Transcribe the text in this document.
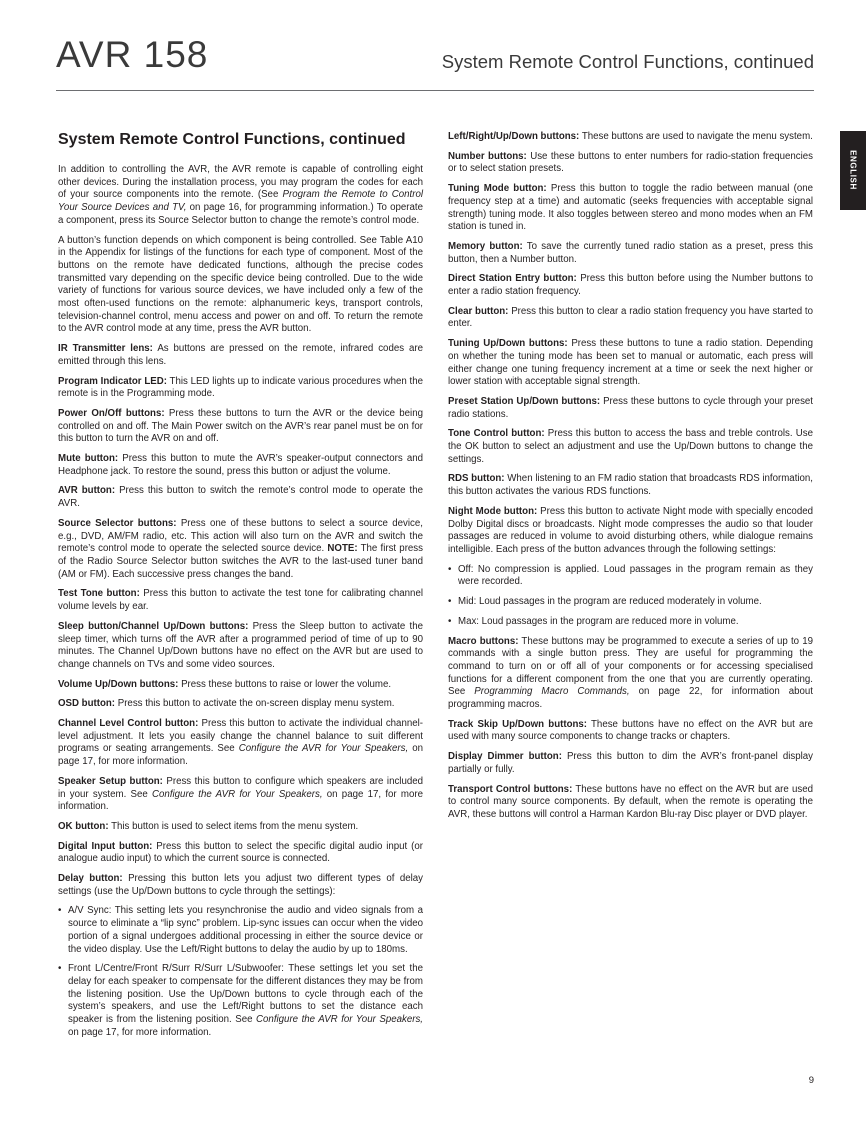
AVR 158	System Remote Control Functions, continued
ENGLISH
System Remote Control Functions, continued

In addition to controlling the AVR, the AVR remote is capable of controlling eight other devices. During the installation process, you may program the codes for each of your source components into the remote. (See Program the Remote to Control Your Source Devices and TV, on page 16, for programming information.) To operate a component, press its Source Selector button to change the remote’s control mode.

A button’s function depends on which component is being controlled. See Table A10 in the Appendix for listings of the functions for each type of component. Most of the buttons on the remote have dedicated functions, although the precise codes transmitted vary depending on the specific device being controlled. Due to the wide variety of functions for various source devices, we have included only a few of the most often-used functions on the remote: alphanumeric keys, transport controls, television-channel control, menu access and power on and off. To return the remote to the AVR control mode at any time, press the AVR button.

IR Transmitter lens: As buttons are pressed on the remote, infrared codes are emitted through this lens.

Program Indicator LED: This LED lights up to indicate various procedures when the remote is in the Programming mode.

Power On/Off buttons: Press these buttons to turn the AVR or the device being controlled on and off. The Main Power switch on the AVR’s rear panel must be on for this button to turn the AVR on and off.

Mute button: Press this button to mute the AVR’s speaker-output connectors and Headphone jack. To restore the sound, press this button or adjust the volume.

AVR button: Press this button to switch the remote’s control mode to operate the AVR.

Source Selector buttons: Press one of these buttons to select a source device, e.g., DVD, AM/FM radio, etc. This action will also turn on the AVR and switch the remote’s control mode to operate the selected source device. NOTE: The first press of the Radio Source Selector button switches the AVR to the last-used tuner band (AM or FM). Each successive press changes the band.

Test Tone button: Press this button to activate the test tone for calibrating channel volume levels by ear.

Sleep button/Channel Up/Down buttons: Press the Sleep button to activate the sleep timer, which turns off the AVR after a programmed period of time of up to 90 minutes. The Channel Up/Down buttons have no effect on the AVR but are used to change channels on TVs and some video sources.

Volume Up/Down buttons: Press these buttons to raise or lower the volume.

OSD button: Press this button to activate the on-screen display menu system.

Channel Level Control button: Press this button to activate the individual channel-level adjustment. It lets you easily change the channel balance to suit different programs or seating arrangements. See Configure the AVR for Your Speakers, on page 17, for more information.

Speaker Setup button: Press this button to configure which speakers are included in your system. See Configure the AVR for Your Speakers, on page 17, for more information.

OK button: This button is used to select items from the menu system.

Digital Input button: Press this button to select the specific digital audio input (or analogue audio input) to which the current source is connected.

Delay button: Pressing this button lets you adjust two different types of delay settings (use the Up/Down buttons to cycle through the settings):

• A/V Sync: This setting lets you resynchronise the audio and video signals from a source to eliminate a “lip sync” problem. Lip-sync issues can occur when the video portion of a signal undergoes additional processing in either the source device or the video display. Use the Left/Right buttons to delay the audio by up to 180ms.
• Front L/Centre/Front R/Surr R/Surr L/Subwoofer: These settings let you set the delay for each speaker to compensate for the different distances they may be from the listening position. Use the Up/Down buttons to cycle through each of the system’s speakers, and use the Left/Right buttons to set the distance each speaker is from the listening position. See Configure the AVR for Your Speakers, on page 17, for more information.

Left/Right/Up/Down buttons: These buttons are used to navigate the menu system.

Number buttons: Use these buttons to enter numbers for radio-station frequencies or to select station presets.

Tuning Mode button: Press this button to toggle the radio between manual (one frequency step at a time) and automatic (seeks frequencies with acceptable signal strength) tuning mode. It also toggles between stereo and mono modes when an FM station is tuned in.

Memory button: To save the currently tuned radio station as a preset, press this button, then a Number button.

Direct Station Entry button: Press this button before using the Number buttons to enter a radio station frequency.

Clear button: Press this button to clear a radio station frequency you have started to enter.

Tuning Up/Down buttons: Press these buttons to tune a radio station. Depending on whether the tuning mode has been set to manual or automatic, each press will either change one tuning frequency increment at a time or seek the next higher or lower station with acceptable signal strength.

Preset Station Up/Down buttons: Press these buttons to cycle through your preset radio stations.

Tone Control button: Press this button to access the bass and treble controls. Use the OK button to select an adjustment and use the Up/Down buttons to change the settings.

RDS button: When listening to an FM radio station that broadcasts RDS information, this button activates the various RDS functions.

Night Mode button: Press this button to activate Night mode with specially encoded Dolby Digital discs or broadcasts. Night mode compresses the audio so that louder passages are reduced in volume to avoid disturbing others, while dialogue remains intelligible. Each press of the button advances through the following settings:

• Off: No compression is applied. Loud passages in the program remain as they were recorded.
• Mid: Loud passages in the program are reduced moderately in volume.
• Max: Loud passages in the program are reduced more in volume.

Macro buttons: These buttons may be programmed to execute a series of up to 19 commands with a single button press. They are useful for programming the command to turn on or off all of your components or for accessing specialised functions for a different component from the one that you are currently operating. See Programming Macro Commands, on page 22, for information about programming macros.

Track Skip Up/Down buttons: These buttons have no effect on the AVR but are used with many source components to change tracks or chapters.

Display Dimmer button: Press this button to dim the AVR’s front-panel display partially or fully.

Transport Control buttons: These buttons have no effect on the AVR but are used to control many source components. By default, when the remote is operating the AVR, these buttons will control a Harman Kardon Blu-ray Disc player or DVD player.

9
